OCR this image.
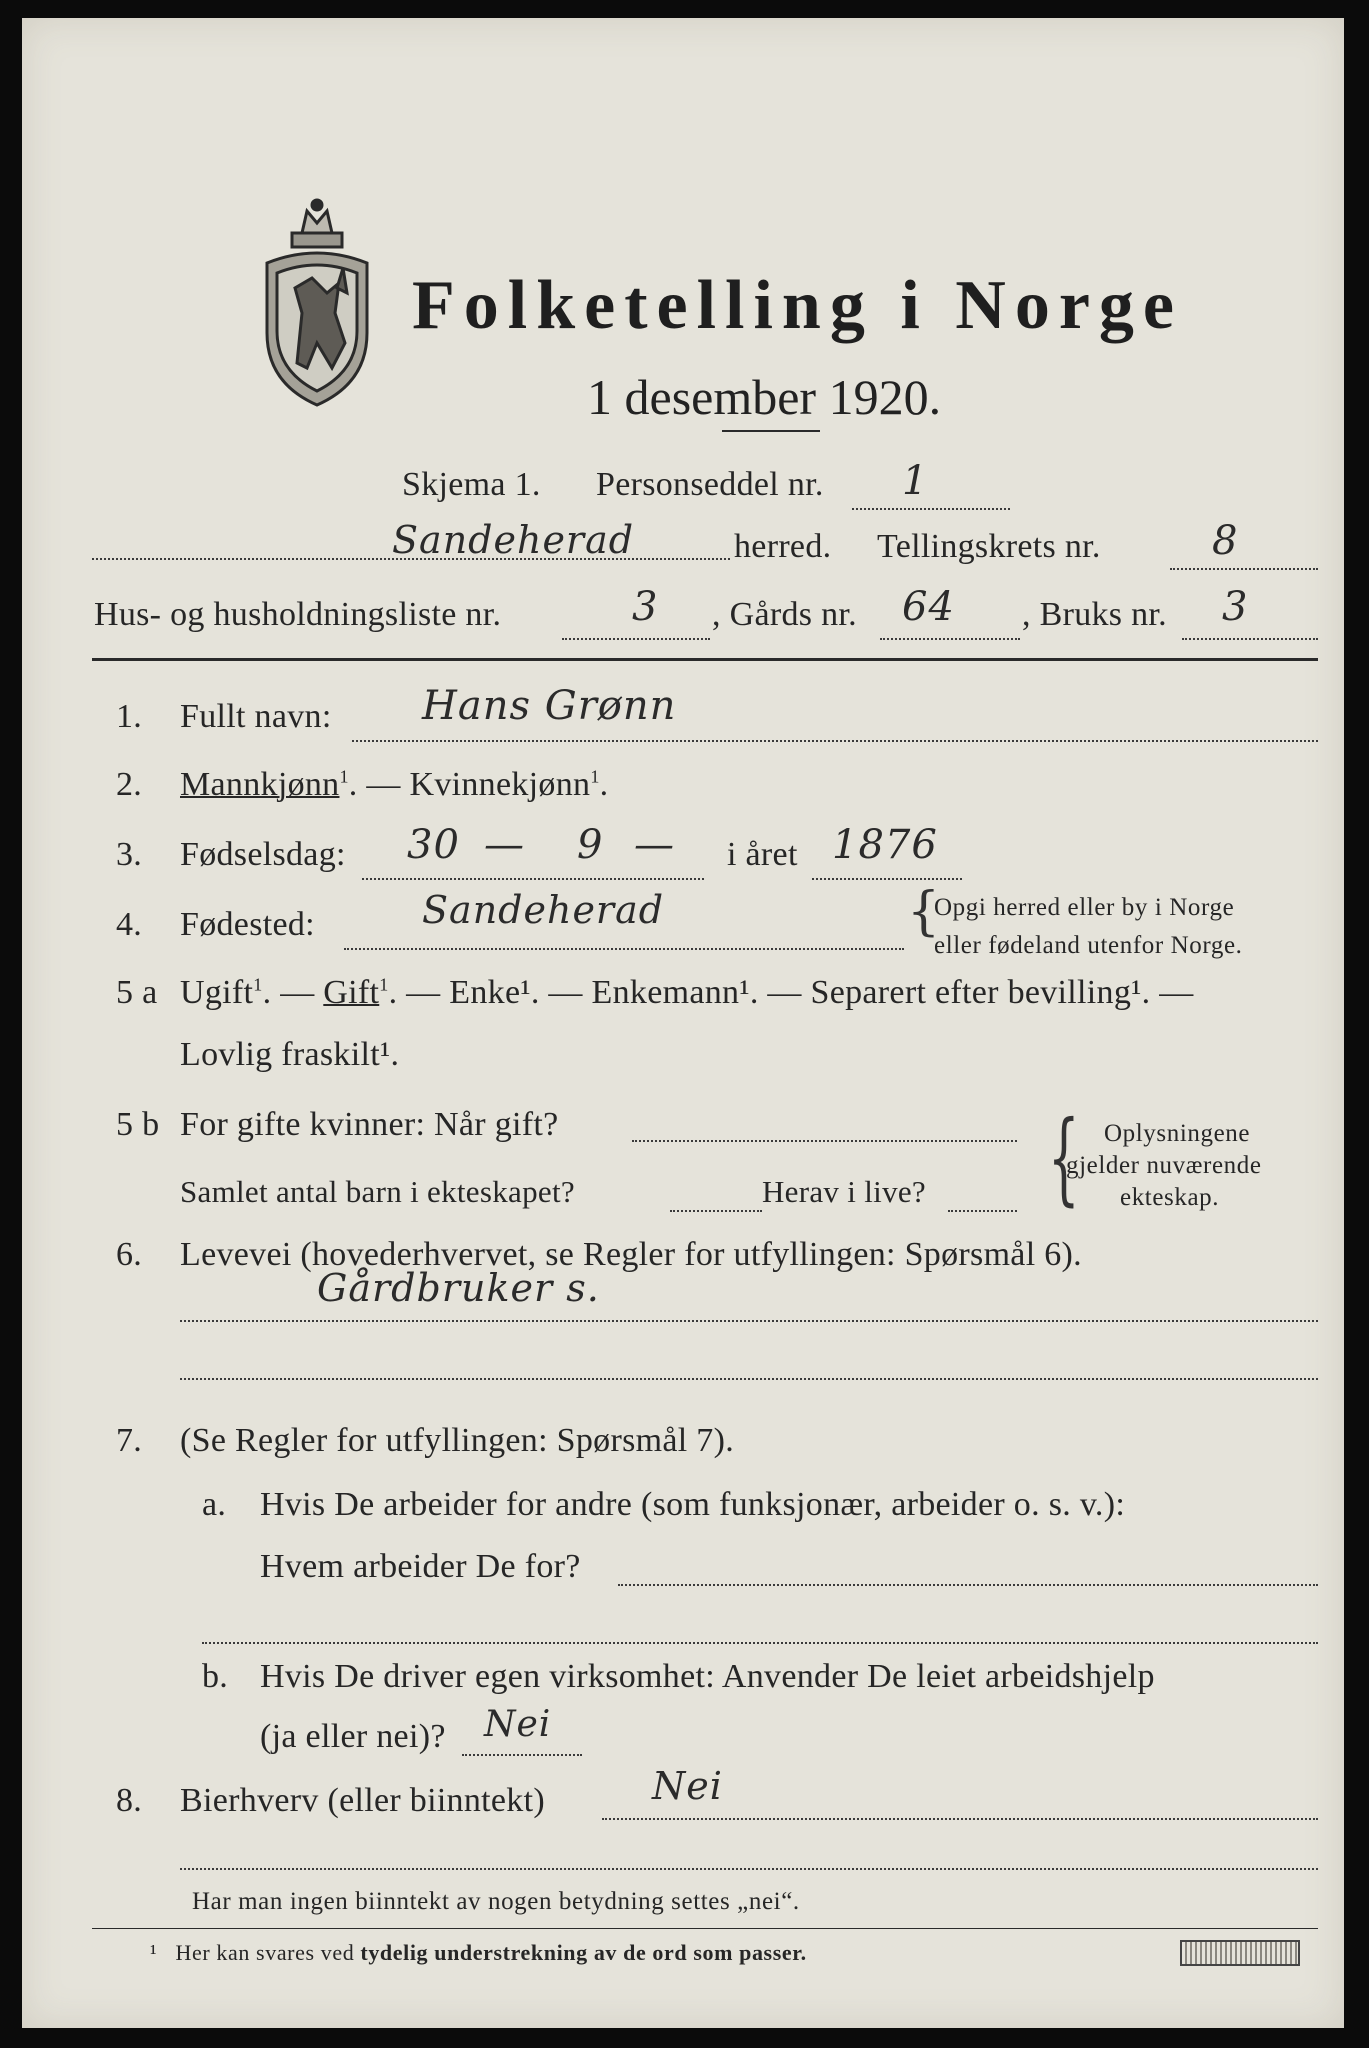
Folketelling i Norge
1 desember 1920.
Skjema 1. Personseddel nr. 1
Sandeherad	herred. Tellingskrets nr.	8
Hus- og husholdningsliste nr.	3 , Gårds nr. 64 , Bruks nr. 3
1. Fullt navn: Hans Grønn
2. Mannkjønn$^1$. — Kvinnekjønn$^1$.
3. Fødselsdag: 30 — 9 — i året 1876
4. Fødested:	Sandeherad	{
Opgi herred eller by i Norge
eller fødeland utenfor Norge.
5 a Ugift$^1$. — Gift$^1$. — Enke¹. — Enkemann¹. — Separert efter bevilling¹. —
Lovlig fraskilt¹.
5 b For gifte kvinner: Når gift?
Samlet antal barn i ekteskapet?	Herav i live? { Oplysningene
gjelder nuværende
ekteskap.
6. Levevei (hovederhvervet, se Regler for utfyllingen: Spørsmål 6).
Gårdbruker s.
7. (Se Regler for utfyllingen: Spørsmål 7).
a. Hvis De arbeider for andre (som funksjonær, arbeider o. s. v.):
Hvem arbeider De for?
b. Hvis De driver egen virksomhet: Anvender De leiet arbeidshjelp
(ja eller nei)? Nei
8. Bierhverv (eller biinntekt)	Nei
Har man ingen biinntekt av nogen betydning settes „nei“.
¹ Her kan svares ved tydelig understrekning av de ord som passer.
